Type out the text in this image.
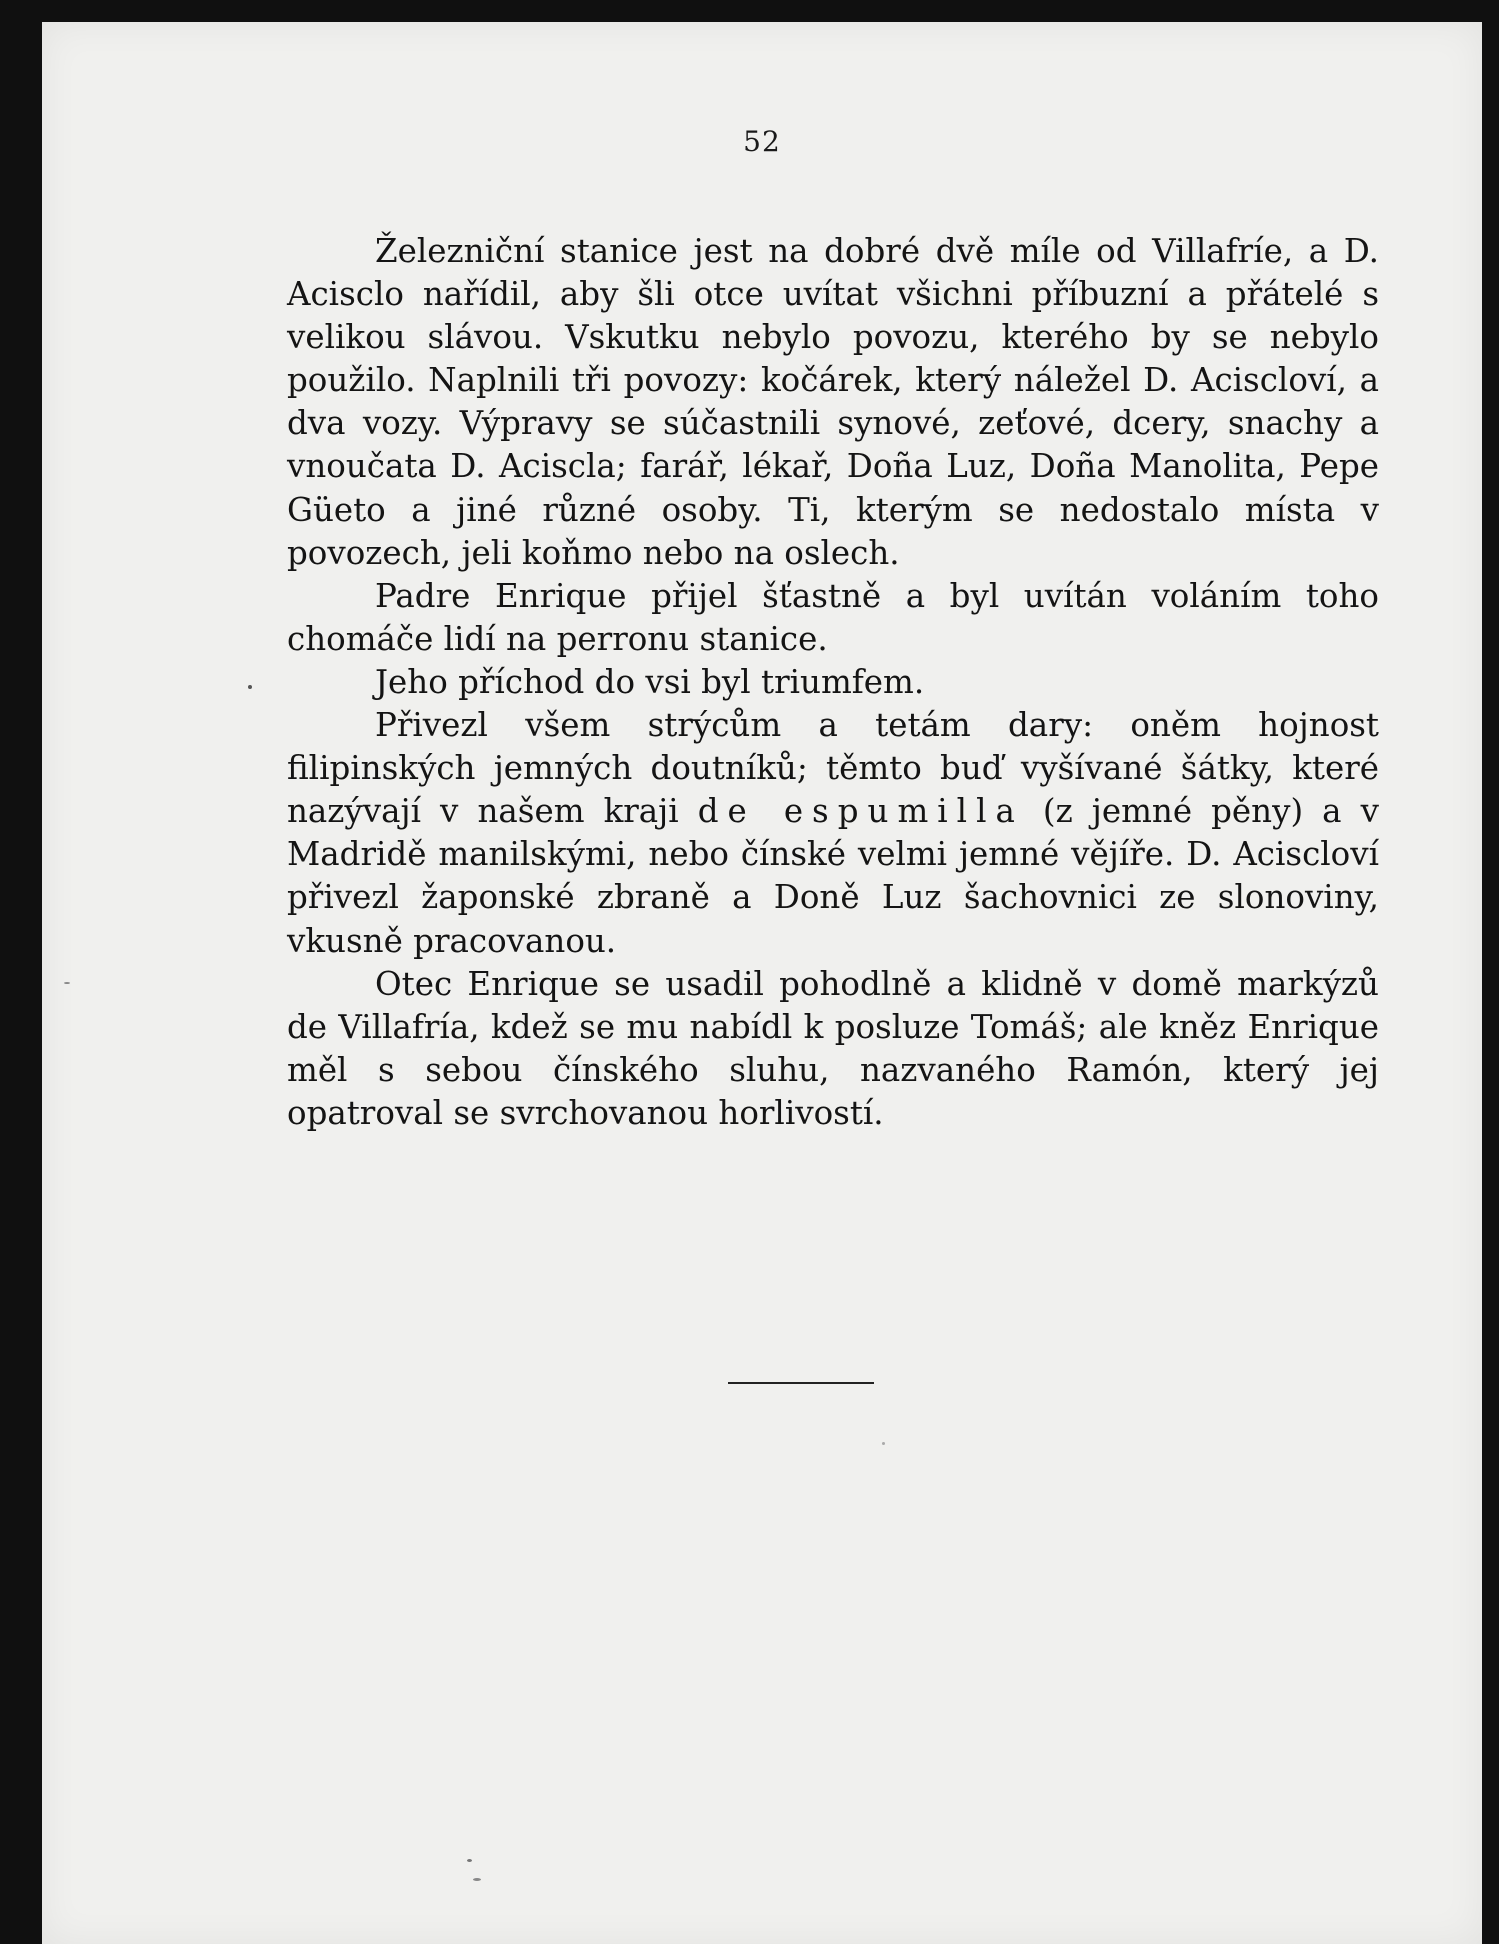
52

Železniční stanice jest na dobré dvě míle od Villafríe, a D. Acisclo nařídil, aby šli otce uvítat všichni příbuzní a přátelé s velikou slávou. Vskutku nebylo povozu, kterého by se nebylo použilo. Naplnili tři povozy: kočárek, který náležel D. Aciscloví, a dva vozy. Výpravy se súčastnili synové, zeťové, dcery, snachy a vnoučata D. Aciscla; farář, lékař, Doña Luz, Doña Manolita, Pepe Güeto a jiné různé osoby. Ti, kterým se nedostalo místa v povozech, jeli koňmo nebo na oslech.

Padre Enrique přijel šťastně a byl uvítán voláním toho chomáče lidí na perronu stanice.

Jeho příchod do vsi byl triumfem.

Přivezl všem strýcům a tetám dary: oněm hojnost filipinských jemných doutníků; těmto buď vyšívané šátky, které nazývají v našem kraji de espumilla (z jemné pěny) a v Madridě manilskými, nebo čínské velmi jemné vějíře. D. Aciscloví přivezl žaponské zbraně a Doně Luz šachovnici ze slonoviny, vkusně pracovanou.

Otec Enrique se usadil pohodlně a klidně v domě markýzů de Villafría, kdež se mu nabídl k posluze Tomáš; ale kněz Enrique měl s sebou čínského sluhu, nazvaného Ramón, který jej opatroval se svrchovanou horlivostí.
